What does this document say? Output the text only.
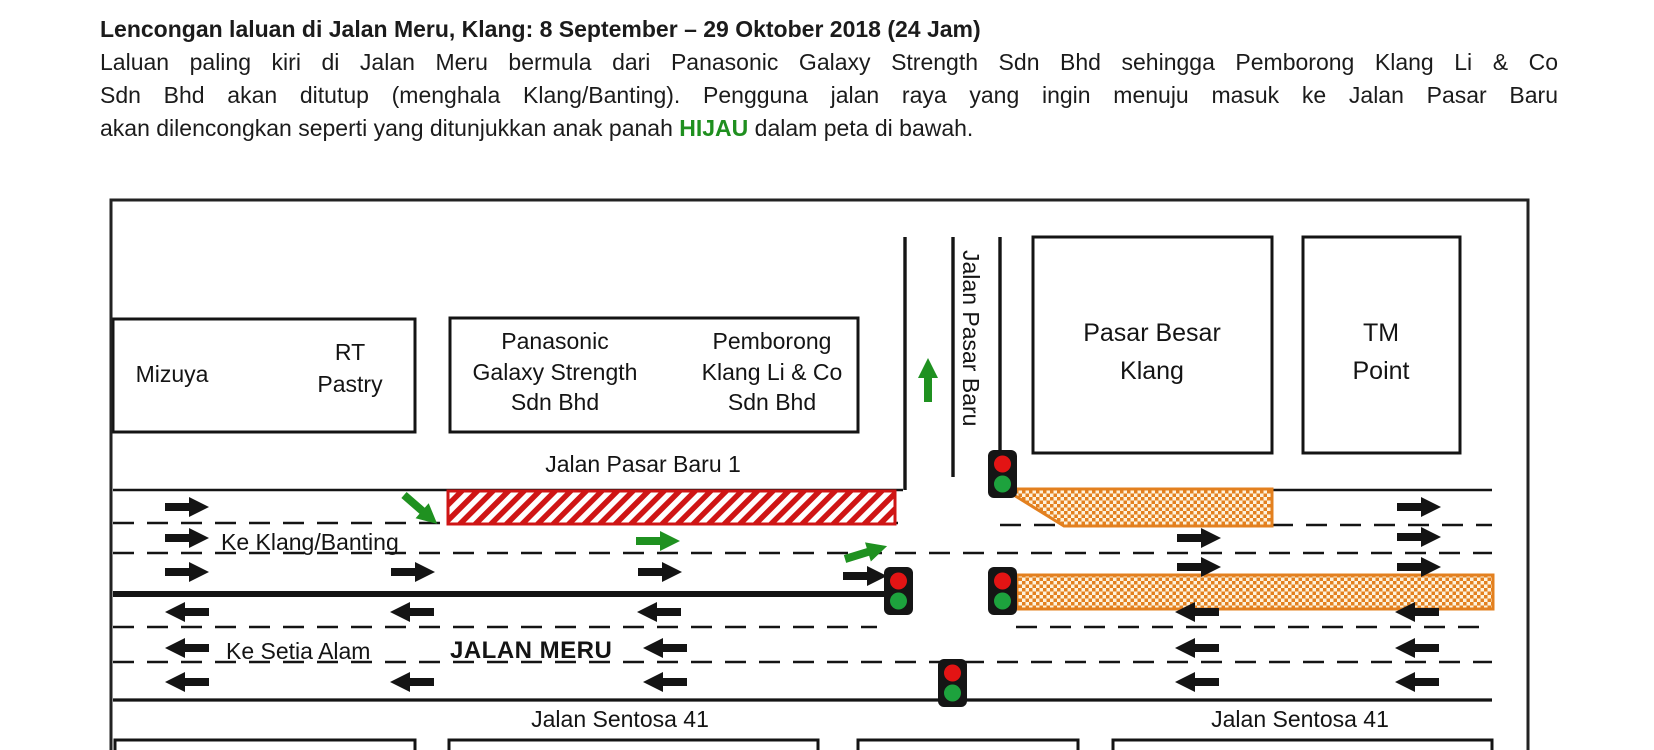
Lencongan laluan di Jalan Meru, Klang: 8 September – 29 Oktober 2018 (24 Jam)
Laluan paling kiri di Jalan Meru bermula dari Panasonic Galaxy Strength Sdn Bhd sehingga Pemborong Klang Li & Co
Sdn Bhd akan ditutup (menghala Klang/Banting). Pengguna jalan raya yang ingin menuju masuk ke Jalan Pasar Baru
akan dilencongkan seperti yang ditunjukkan anak panah HIJAU dalam peta di bawah.
Mizuya
RT
Pastry
Panasonic
Galaxy Strength
Sdn Bhd
Pemborong
Klang Li & Co
Sdn Bhd
Pasar Besar
Klang
TM
Point
Jalan Pasar Baru 1
Jalan Pasar Baru
Ke Klang/Banting
Ke Setia Alam	JALAN MERU
Jalan Sentosa 41	Jalan Sentosa 41
